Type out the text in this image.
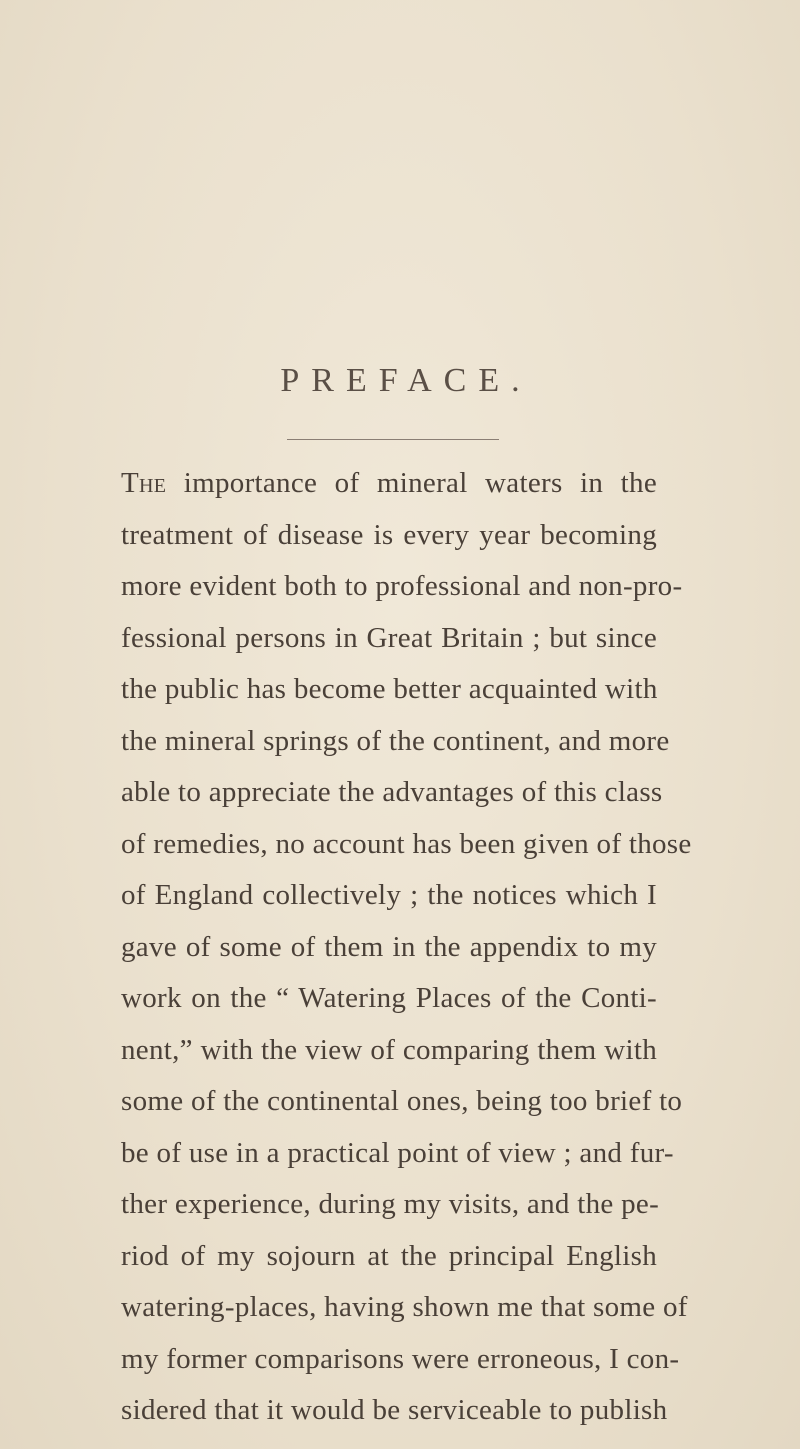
PREFACE.
The importance of mineral waters in the
treatment of disease is every year becoming
more evident both to professional and non-pro-
fessional persons in Great Britain ; but since
the public has become better acquainted with
the mineral springs of the continent, and more
able to appreciate the advantages of this class
of remedies, no account has been given of those
of England collectively ; the notices which I
gave of some of them in the appendix to my
work on the “ Watering Places of the Conti-
nent,” with the view of comparing them with
some of the continental ones, being too brief to
be of use in a practical point of view ; and fur-
ther experience, during my visits, and the pe-
riod of my sojourn at the principal English
watering-places, having shown me that some of
my former comparisons were erroneous, I con-
sidered that it would be serviceable to publish
